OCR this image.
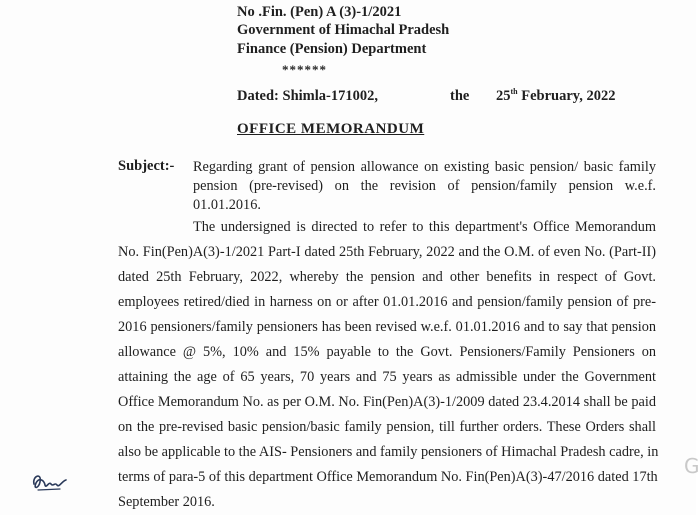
No .Fin. (Pen) A (3)-1/2021
Government of Himachal Pradesh
Finance (Pension) Department
******
Dated: Shimla-171002,	the 25th February, 2022
OFFICE MEMORANDUM
Subject:- Regarding grant of pension allowance on existing basic pension/ basic family pension (pre-revised) on the revision of pension/family pension w.e.f. 01.01.2016.
The undersigned is directed to refer to this department's Office Memorandum
No. Fin(Pen)A(3)-1/2021 Part-I dated 25th February, 2022 and the O.M. of even No. (Part-II)
dated 25th February, 2022, whereby the pension and other benefits in respect of Govt.
employees retired/died in harness on or after 01.01.2016 and pension/family pension of pre-
2016 pensioners/family pensioners has been revised w.e.f. 01.01.2016 and to say that pension
allowance @ 5%, 10% and 15% payable to the Govt. Pensioners/Family Pensioners on
attaining the age of 65 years, 70 years and 75 years as admissible under the Government
Office Memorandum No. as per O.M. No. Fin(Pen)A(3)-1/2009 dated 23.4.2014 shall be paid
on the pre-revised basic pension/basic family pension, till further orders. These Orders shall
also be applicable to the AIS- Pensioners and family pensioners of Himachal Pradesh cadre, in
terms of para-5 of this department Office Memorandum No. Fin(Pen)A(3)-47/2016 dated 17th
September 2016.
G
